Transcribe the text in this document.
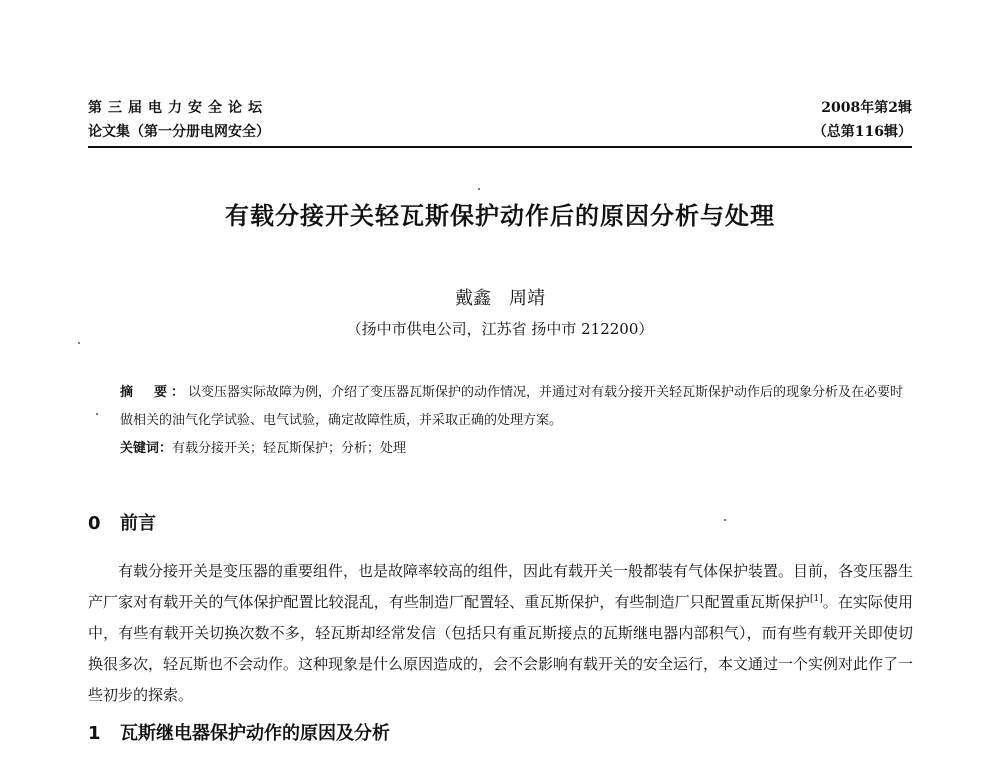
第三届电力安全论坛	2008年第2辑
论文集（第一分册电网安全）	（总第116辑）
有载分接开关轻瓦斯保护动作后的原因分析与处理
戴鑫 周靖
（扬中市供电公司，江苏省 扬中市 212200）
摘　要：以变压器实际故障为例，介绍了变压器瓦斯保护的动作情况，并通过对有载分接开关轻瓦斯保护动作后的现象分析及在必要时做相关的油气化学试验、电气试验，确定故障性质，并采取正确的处理方案。
关键词：有载分接开关；轻瓦斯保护；分析；处理
0 前言
有载分接开关是变压器的重要组件，也是故障率较高的组件，因此有载开关一般都装有气体保护装置。目前，各变压器生产厂家对有载开关的气体保护配置比较混乱，有些制造厂配置轻、重瓦斯保护，有些制造厂只配置重瓦斯保护[1]。在实际使用中，有些有载开关切换次数不多，轻瓦斯却经常发信（包括只有重瓦斯接点的瓦斯继电器内部积气），而有些有载开关即使切换很多次，轻瓦斯也不会动作。这种现象是什么原因造成的，会不会影响有载开关的安全运行，本文通过一个实例对此作了一些初步的探索。
1 瓦斯继电器保护动作的原因及分析
